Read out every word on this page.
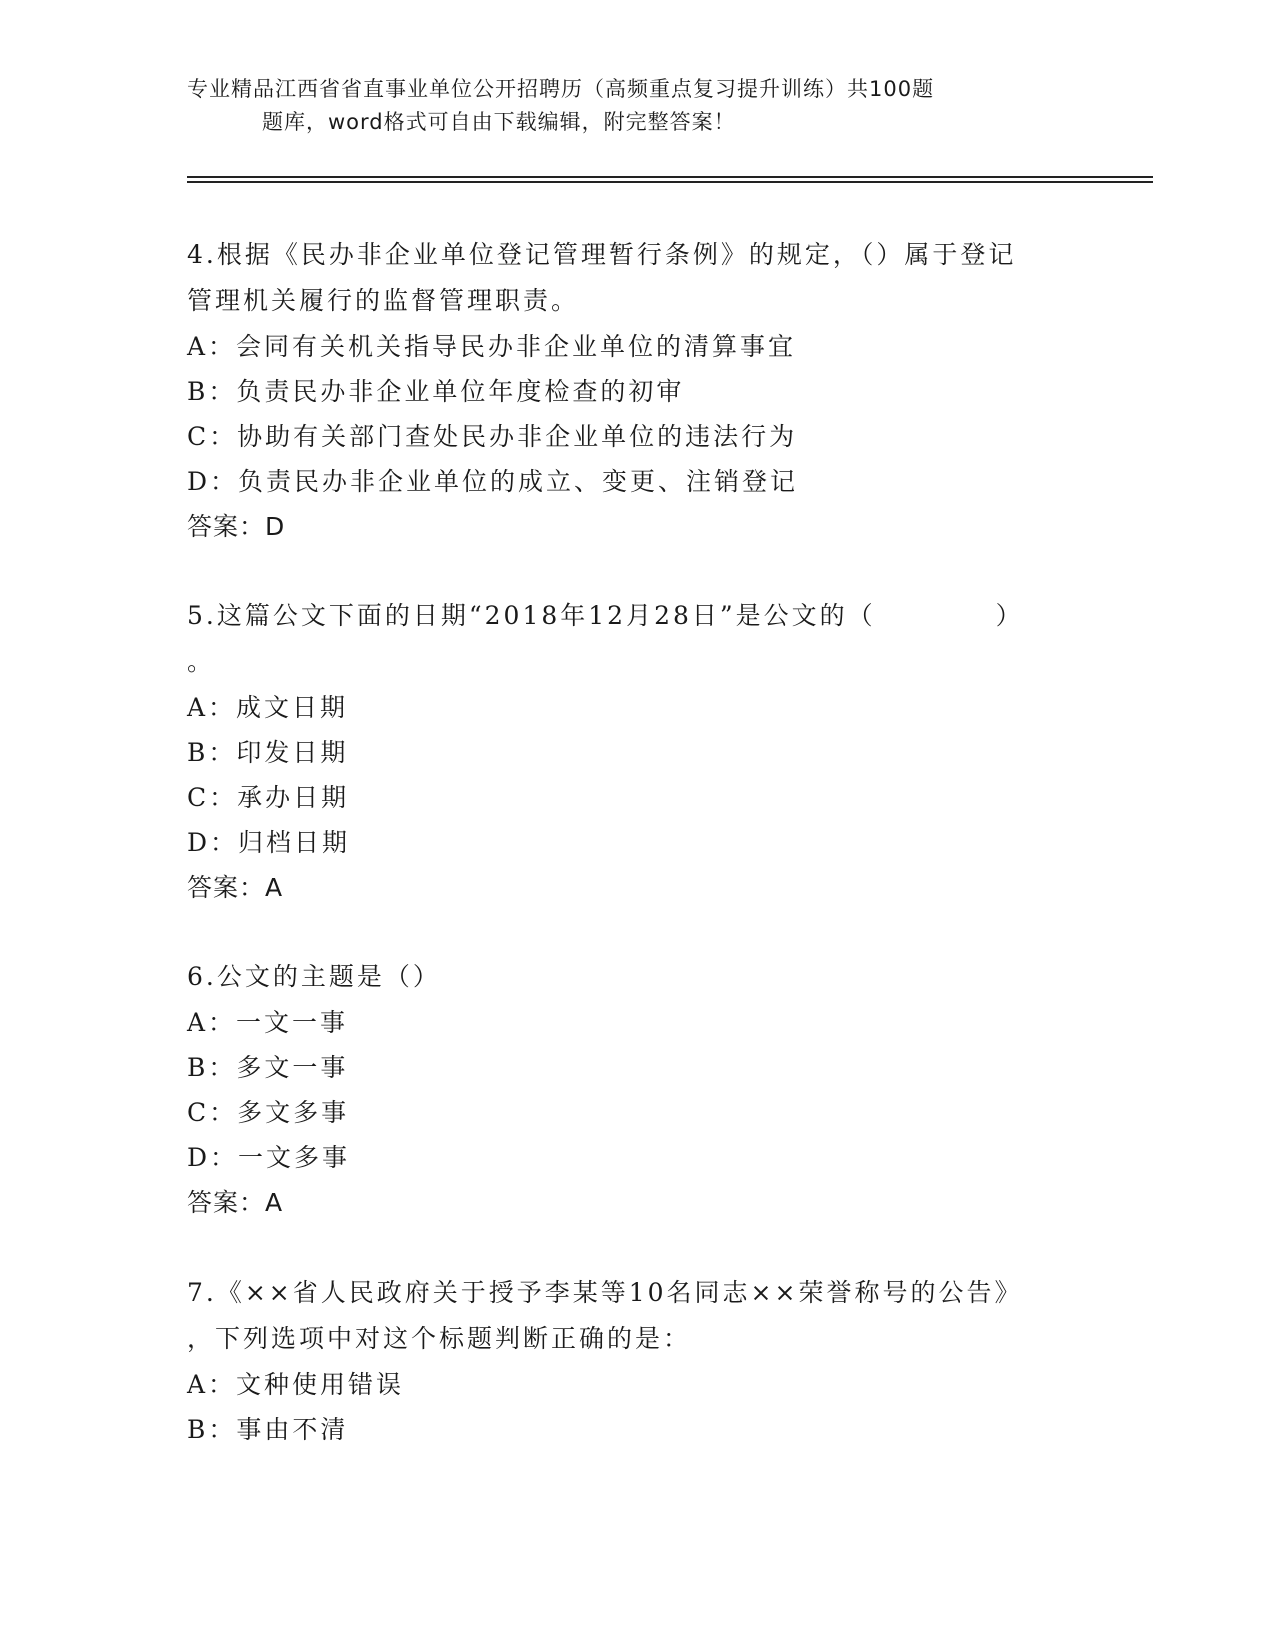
专业精品江西省省直事业单位公开招聘历（高频重点复习提升训练）共100题
题库，word格式可自由下载编辑，附完整答案！
4.根据《民办非企业单位登记管理暂行条例》的规定，（）属于登记
管理机关履行的监督管理职责。
A：会同有关机关指导民办非企业单位的清算事宜
B：负责民办非企业单位年度检查的初审
C：协助有关部门查处民办非企业单位的违法行为
D：负责民办非企业单位的成立、变更、注销登记
答案：D
5.这篇公文下面的日期“2018年12月28日”是公文的（	）
。
A：成文日期
B：印发日期
C：承办日期
D：归档日期
答案：A
6.公文的主题是（）
A：一文一事
B：多文一事
C：多文多事
D：一文多事
答案：A
7.《××省人民政府关于授予李某等10名同志××荣誉称号的公告》
，下列选项中对这个标题判断正确的是：
A：文种使用错误
B：事由不清
